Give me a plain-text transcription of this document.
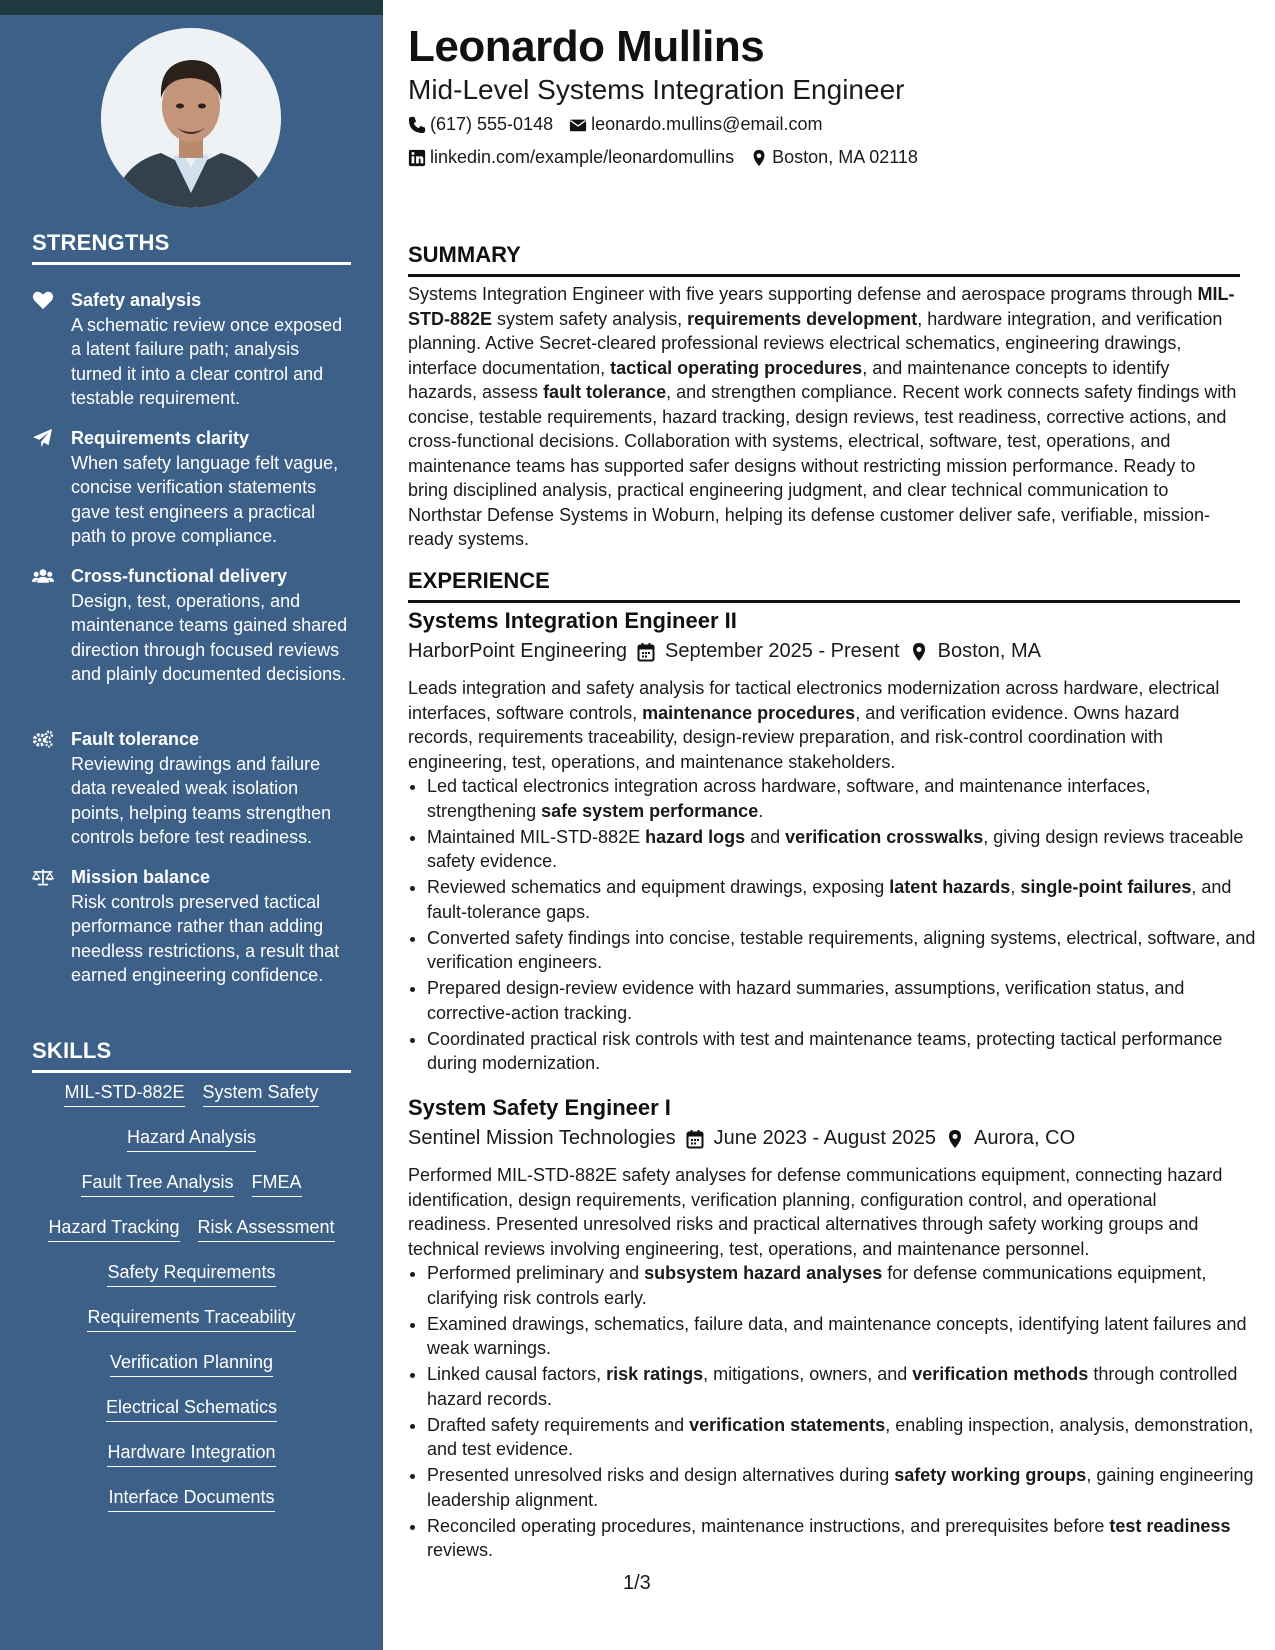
STRENGTHS
Safety analysis
A schematic review once exposed a latent failure path; analysis turned it into a clear control and testable requirement.
Requirements clarity
When safety language felt vague, concise verification statements gave test engineers a practical path to prove compliance.
Cross-functional delivery
Design, test, operations, and maintenance teams gained shared direction through focused reviews and plainly documented decisions.
Fault tolerance
Reviewing drawings and failure data revealed weak isolation points, helping teams strengthen controls before test readiness.
Mission balance
Risk controls preserved tactical performance rather than adding needless restrictions, a result that earned engineering confidence.
SKILLS
MIL-STD-882E System Safety
Hazard Analysis
Fault Tree Analysis FMEA
Hazard Tracking Risk Assessment
Safety Requirements
Requirements Traceability
Verification Planning
Electrical Schematics
Hardware Integration
Interface Documents
Leonardo Mullins
Mid-Level Systems Integration Engineer
(617) 555-0148 leonardo.mullins@email.com
linkedin.com/example/leonardomullins Boston, MA 02118
SUMMARY
Systems Integration Engineer with five years supporting defense and aerospace programs through MIL-STD-882E system safety analysis, requirements development, hardware integration, and verification planning. Active Secret-cleared professional reviews electrical schematics, engineering drawings, interface documentation, tactical operating procedures, and maintenance concepts to identify hazards, assess fault tolerance, and strengthen compliance. Recent work connects safety findings with concise, testable requirements, hazard tracking, design reviews, test readiness, corrective actions, and cross-functional decisions. Collaboration with systems, electrical, software, test, operations, and maintenance teams has supported safer designs without restricting mission performance. Ready to bring disciplined analysis, practical engineering judgment, and clear technical communication to Northstar Defense Systems in Woburn, helping its defense customer deliver safe, verifiable, mission-ready systems.
EXPERIENCE
Systems Integration Engineer II
HarborPoint Engineering September 2025 - Present Boston, MA
Leads integration and safety analysis for tactical electronics modernization across hardware, electrical interfaces, software controls, maintenance procedures, and verification evidence. Owns hazard records, requirements traceability, design-review preparation, and risk-control coordination with engineering, test, operations, and maintenance stakeholders.
• Led tactical electronics integration across hardware, software, and maintenance interfaces, strengthening safe system performance.
• Maintained MIL-STD-882E hazard logs and verification crosswalks, giving design reviews traceable safety evidence.
• Reviewed schematics and equipment drawings, exposing latent hazards, single-point failures, and fault-tolerance gaps.
• Converted safety findings into concise, testable requirements, aligning systems, electrical, software, and verification engineers.
• Prepared design-review evidence with hazard summaries, assumptions, verification status, and corrective-action tracking.
• Coordinated practical risk controls with test and maintenance teams, protecting tactical performance during modernization.
System Safety Engineer I
Sentinel Mission Technologies June 2023 - August 2025 Aurora, CO
Performed MIL-STD-882E safety analyses for defense communications equipment, connecting hazard identification, design requirements, verification planning, configuration control, and operational readiness. Presented unresolved risks and practical alternatives through safety working groups and technical reviews involving engineering, test, operations, and maintenance personnel.
• Performed preliminary and subsystem hazard analyses for defense communications equipment, clarifying risk controls early.
• Examined drawings, schematics, failure data, and maintenance concepts, identifying latent failures and weak warnings.
• Linked causal factors, risk ratings, mitigations, owners, and verification methods through controlled hazard records.
• Drafted safety requirements and verification statements, enabling inspection, analysis, demonstration, and test evidence.
• Presented unresolved risks and design alternatives during safety working groups, gaining engineering leadership alignment.
• Reconciled operating procedures, maintenance instructions, and prerequisites before test readiness reviews.
1/3
